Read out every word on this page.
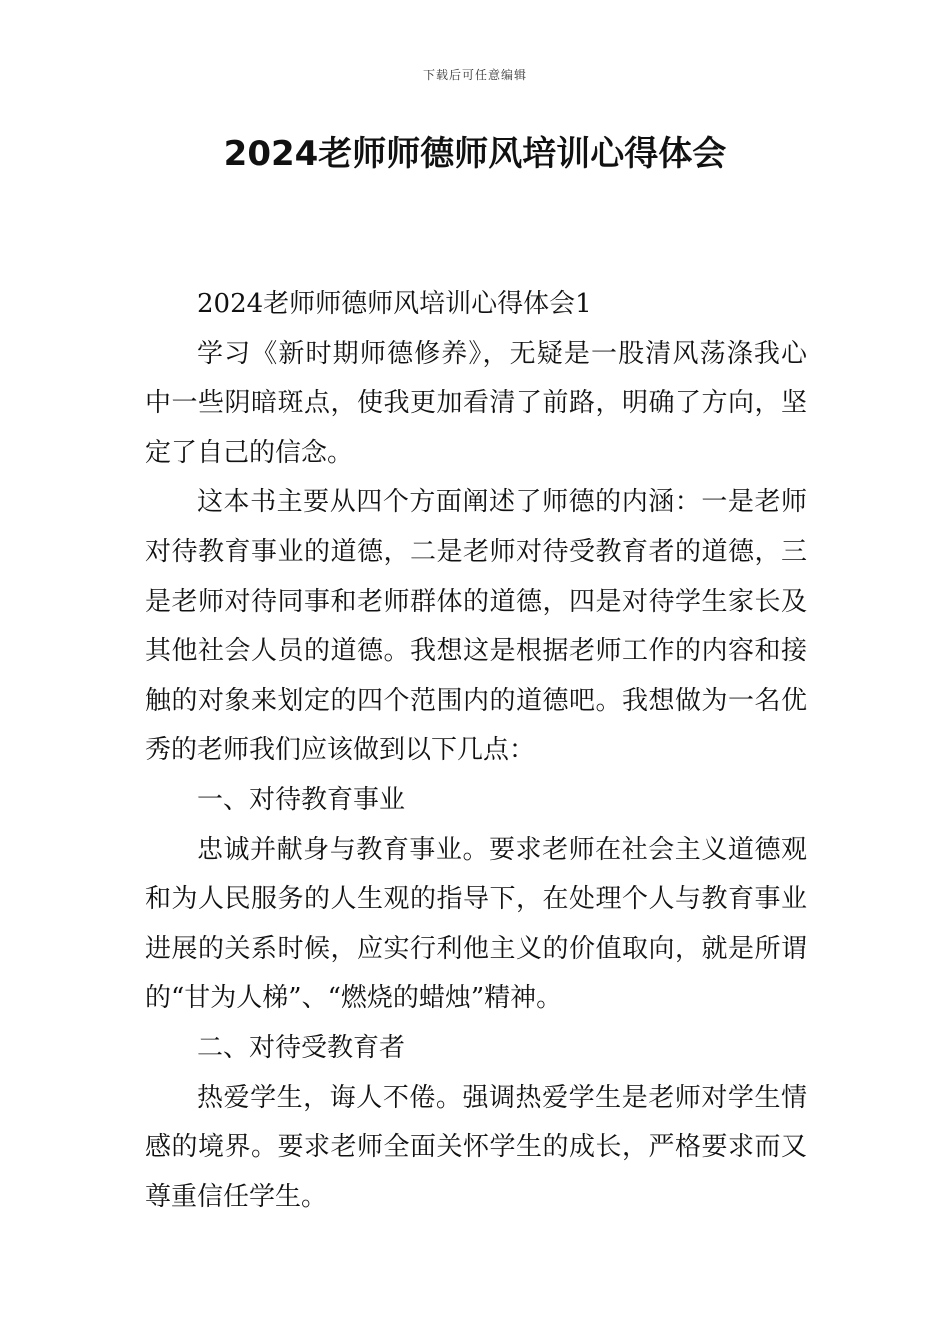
下载后可任意编辑
2024老师师德师风培训心得体会

2024老师师德师风培训心得体会1

学习《新时期师德修养》，无疑是一股清风荡涤我心中一些阴暗斑点，使我更加看清了前路，明确了方向，坚定了自己的信念。

这本书主要从四个方面阐述了师德的内涵：一是老师对待教育事业的道德，二是老师对待受教育者的道德，三是老师对待同事和老师群体的道德，四是对待学生家长及其他社会人员的道德。我想这是根据老师工作的内容和接触的对象来划定的四个范围内的道德吧。我想做为一名优秀的老师我们应该做到以下几点：

一、对待教育事业

忠诚并献身与教育事业。要求老师在社会主义道德观和为人民服务的人生观的指导下，在处理个人与教育事业进展的关系时候，应实行利他主义的价值取向，就是所谓的“甘为人梯”、“燃烧的蜡烛”精神。

二、对待受教育者

热爱学生，诲人不倦。强调热爱学生是老师对学生情感的境界。要求老师全面关怀学生的成长，严格要求而又尊重信任学生。
